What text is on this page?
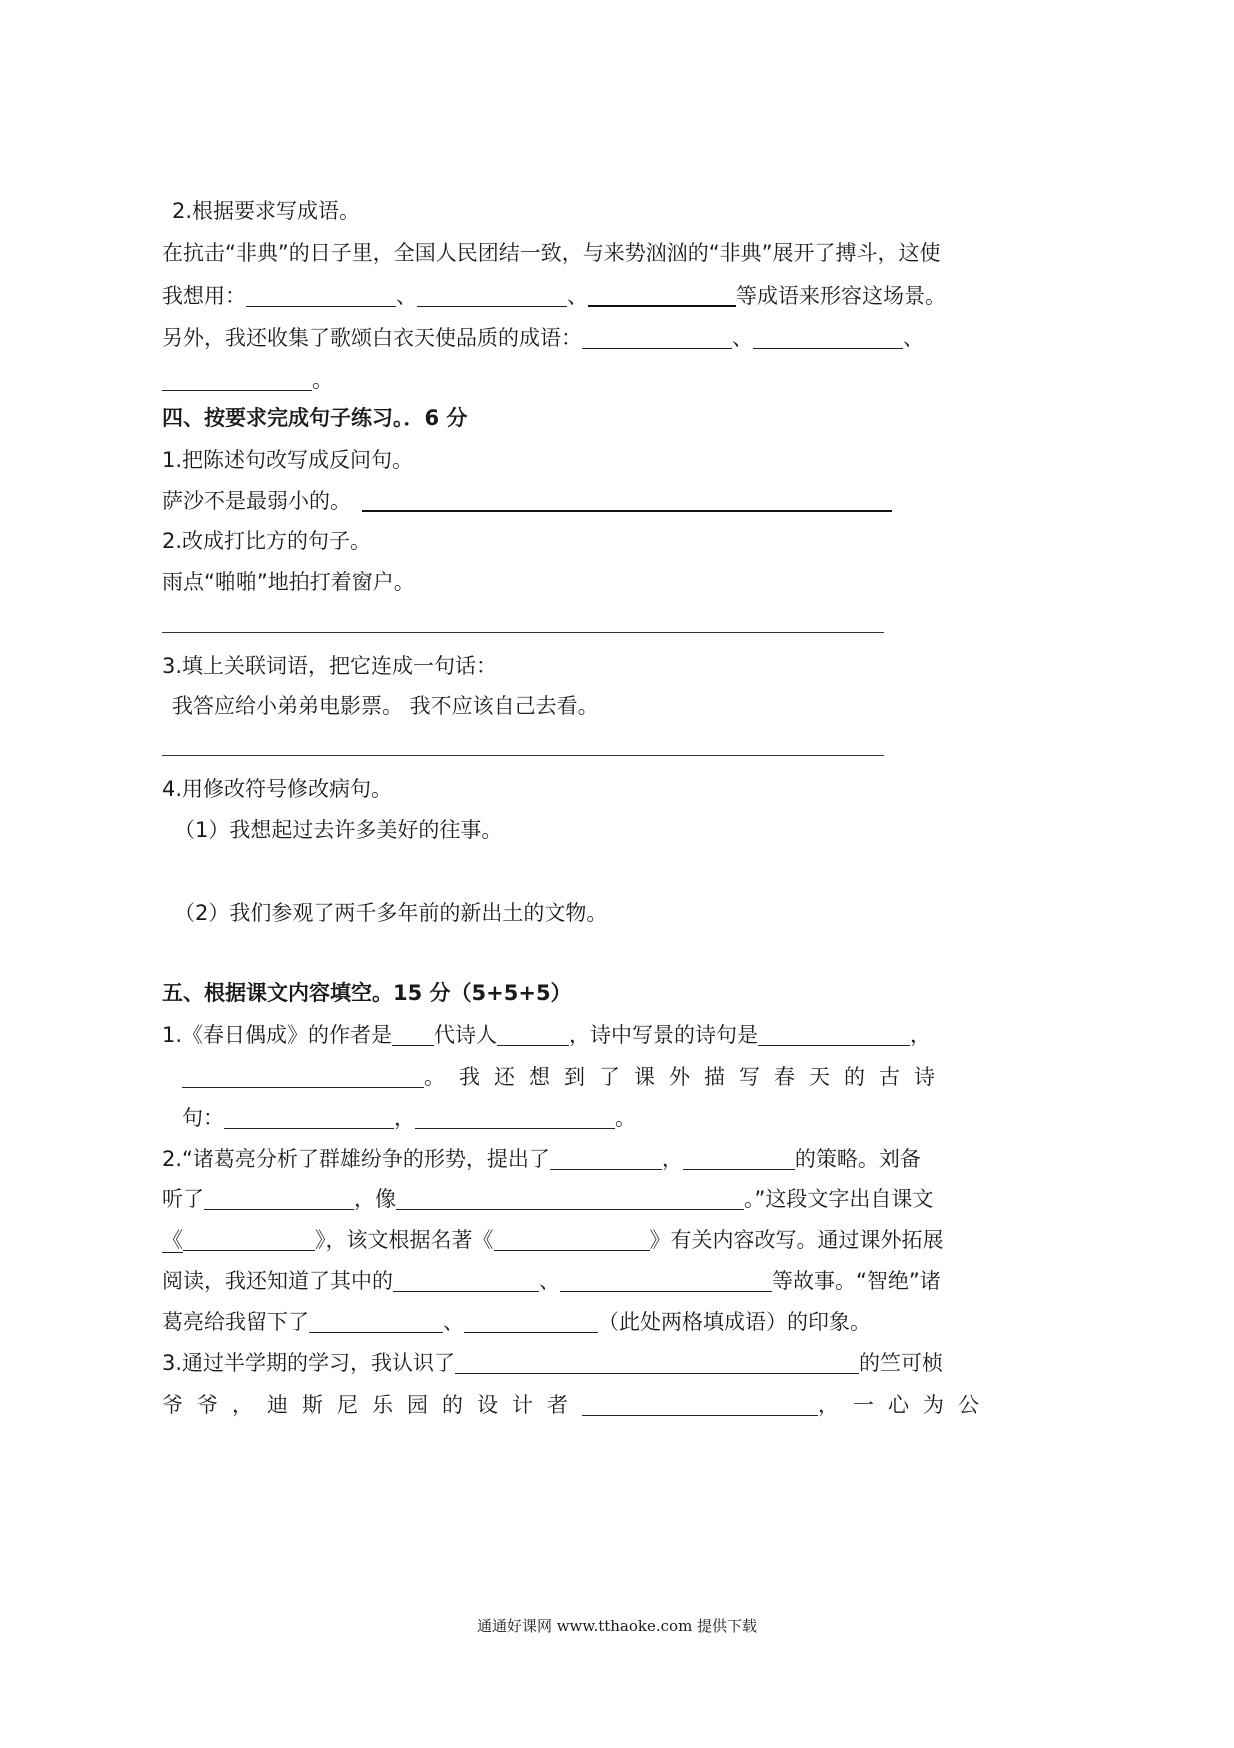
2.根据要求写成语。
在抗击“非典”的日子里，全国人民团结一致，与来势汹汹的“非典”展开了搏斗，这使
我想用：	、	、	等成语来形容这场景。
另外，我还收集了歌颂白衣天使品质的成语：	、	、
。
四、按要求完成句子练习。．6 分
1.把陈述句改写成反问句。
萨沙不是最弱小的。
2.改成打比方的句子。
雨点“啪啪”地拍打着窗户。
3.填上关联词语，把它连成一句话：
我答应给小弟弟电影票。 我不应该自己去看。
4.用修改符号修改病句。
（1）我想起过去许多美好的往事。
（2）我们参观了两千多年前的新出土的文物。
五、根据课文内容填空。15 分（5+5+5）
1.《春日偶成》的作者是 代诗人	，诗中写景的诗句是	，
。我还想到了课外描写春天的古诗
句：	，	。
2.“诸葛亮分析了群雄纷争的形势，提出了	，	的策略。刘备
听了	，像	。”这段文字出自课文
《	》，该文根据名著《	》有关内容改写。通过课外拓展
阅读，我还知道了其中的	、	等故事。“智绝”诸
葛亮给我留下了	、	（此处两格填成语）的印象。
3.通过半学期的学习，我认识了	的竺可桢
爷爷，迪斯尼乐园的设计者	，一心为公
通通好课网 www.tthaoke.com 提供下载
